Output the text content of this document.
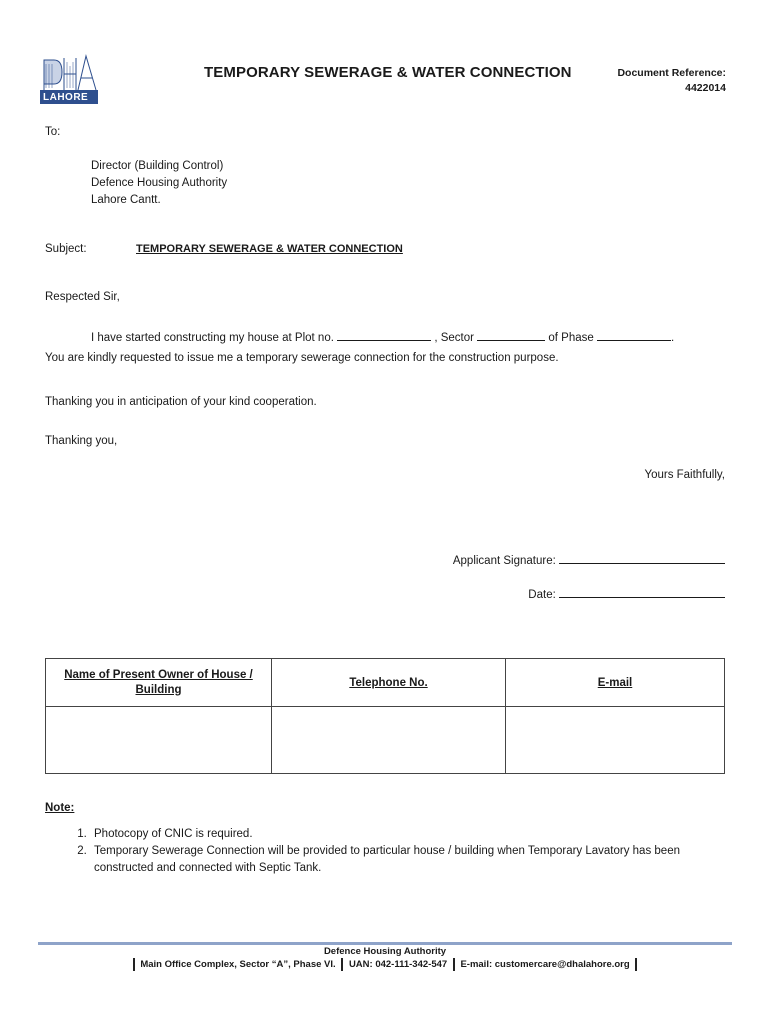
LAHORE
TEMPORARY SEWERAGE & WATER CONNECTION	Document Reference:
4422014
To:
Director (Building Control)
Defence Housing Authority
Lahore Cantt.
Subject:	TEMPORARY SEWERAGE & WATER CONNECTION
Respected Sir,
I have started constructing my house at Plot no.	, Sector	of Phase	.
You are kindly requested to issue me a temporary sewerage connection for the construction purpose.
Thanking you in anticipation of your kind cooperation.
Thanking you,
Yours Faithfully,
Applicant Signature:
Date:
Name of Present Owner of House / Building	Telephone No.	E-mail

Note:
1. Photocopy of CNIC is required.
2. Temporary Sewerage Connection will be provided to particular house / building when Temporary Lavatory has been constructed and connected with Septic Tank.
Defence Housing Authority
Main Office Complex, Sector “A”, Phase VI. UAN: 042-111-342-547 E-mail: customercare@dhalahore.org
